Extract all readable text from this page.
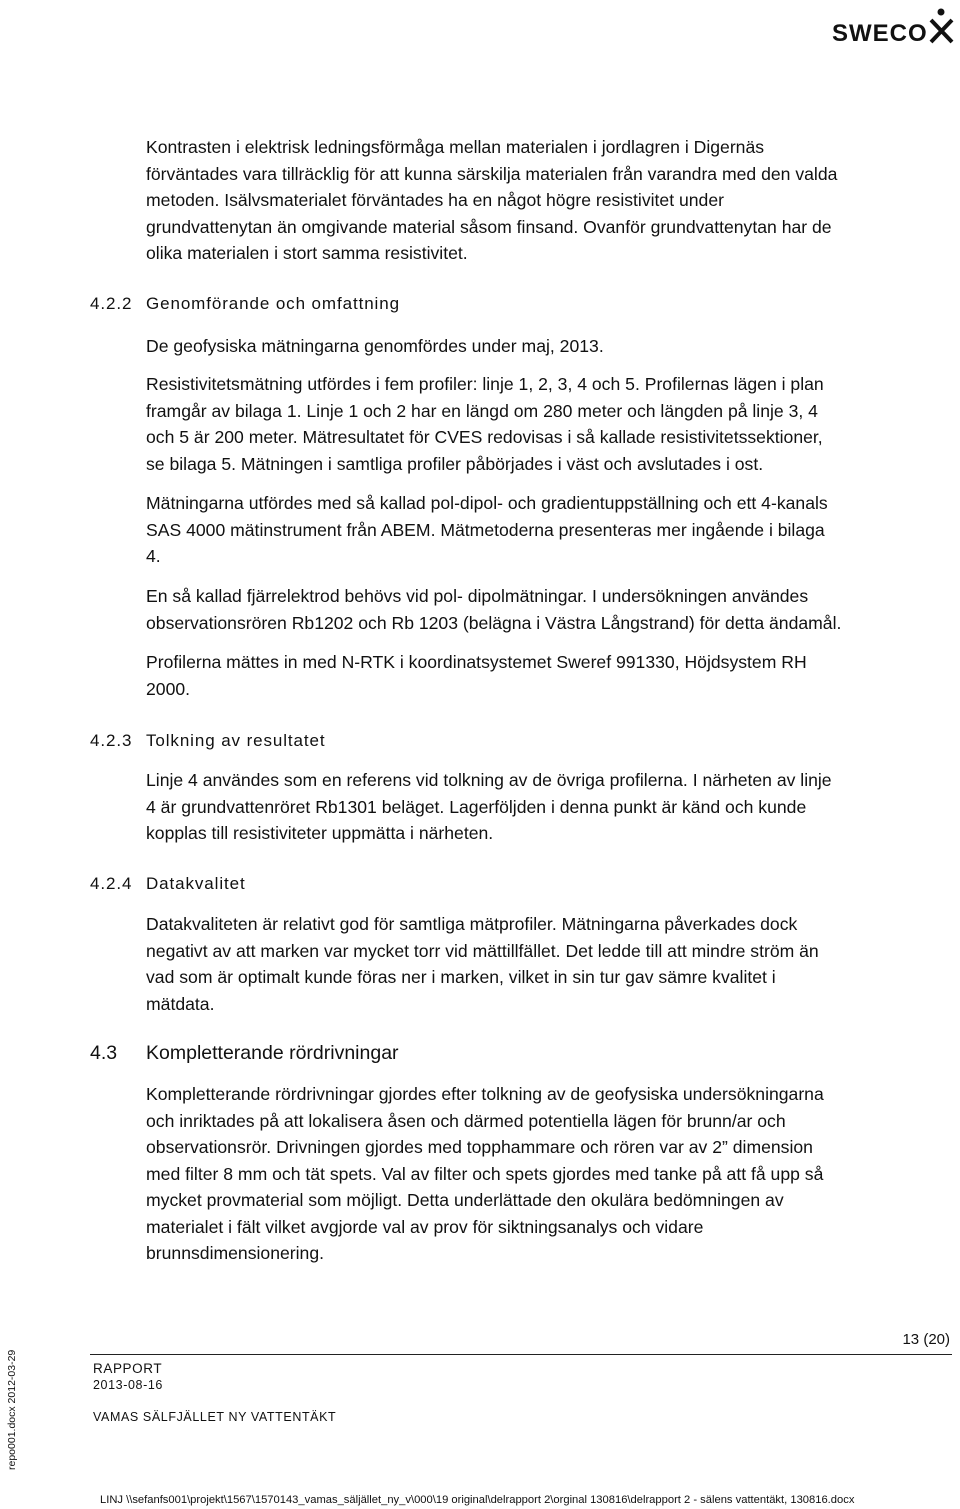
SWECO
Kontrasten i elektrisk ledningsförmåga mellan materialen i jordlagren i Digernäs
förväntades vara tillräcklig för att kunna särskilja materialen från varandra med den valda
metoden. Isälvsmaterialet förväntades ha en något högre resistivitet under
grundvattenytan än omgivande material såsom finsand. Ovanför grundvattenytan har de
olika materialen i stort samma resistivitet.
4.2.2 Genomförande och omfattning
De geofysiska mätningarna genomfördes under maj, 2013.
Resistivitetsmätning utfördes i fem profiler: linje 1, 2, 3, 4 och 5. Profilernas lägen i plan
framgår av bilaga 1. Linje 1 och 2 har en längd om 280 meter och längden på linje 3, 4
och 5 är 200 meter. Mätresultatet för CVES redovisas i så kallade resistivitetssektioner,
se bilaga 5. Mätningen i samtliga profiler påbörjades i väst och avslutades i ost.
Mätningarna utfördes med så kallad pol-dipol- och gradientuppställning och ett 4-kanals
SAS 4000 mätinstrument från ABEM. Mätmetoderna presenteras mer ingående i bilaga
4.
En så kallad fjärrelektrod behövs vid pol- dipolmätningar. I undersökningen användes
observationsrören Rb1202 och Rb 1203 (belägna i Västra Långstrand) för detta ändamål.
Profilerna mättes in med N-RTK i koordinatsystemet Sweref 991330, Höjdsystem RH
2000.
4.2.3 Tolkning av resultatet
Linje 4 användes som en referens vid tolkning av de övriga profilerna. I närheten av linje
4 är grundvattenröret Rb1301 beläget. Lagerföljden i denna punkt är känd och kunde
kopplas till resistiviteter uppmätta i närheten.
4.2.4 Datakvalitet
Datakvaliteten är relativt god för samtliga mätprofiler. Mätningarna påverkades dock
negativt av att marken var mycket torr vid mättillfället. Det ledde till att mindre ström än
vad som är optimalt kunde föras ner i marken, vilket in sin tur gav sämre kvalitet i
mätdata.
4.3 Kompletterande rördrivningar
Kompletterande rördrivningar gjordes efter tolkning av de geofysiska undersökningarna
och inriktades på att lokalisera åsen och därmed potentiella lägen för brunn/ar och
observationsrör. Drivningen gjordes med topphammare och rören var av 2” dimension
med filter 8 mm och tät spets. Val av filter och spets gjordes med tanke på att få upp så
mycket provmaterial som möjligt. Detta underlättade den okulära bedömningen av
materialet i fält vilket avgjorde val av prov för siktningsanalys och vidare
brunnsdimensionering.
13 (20)
RAPPORT
2013-08-16
VAMAS SÄLFJÄLLET NY VATTENTÄKT
repo001.docx 2012-03-29
LINJ \\sefanfs001\projekt\1567\1570143_vamas_säljället_ny_v\000\19 original\delrapport 2\orginal 130816\delrapport 2 - sälens vattentäkt, 130816.docx
